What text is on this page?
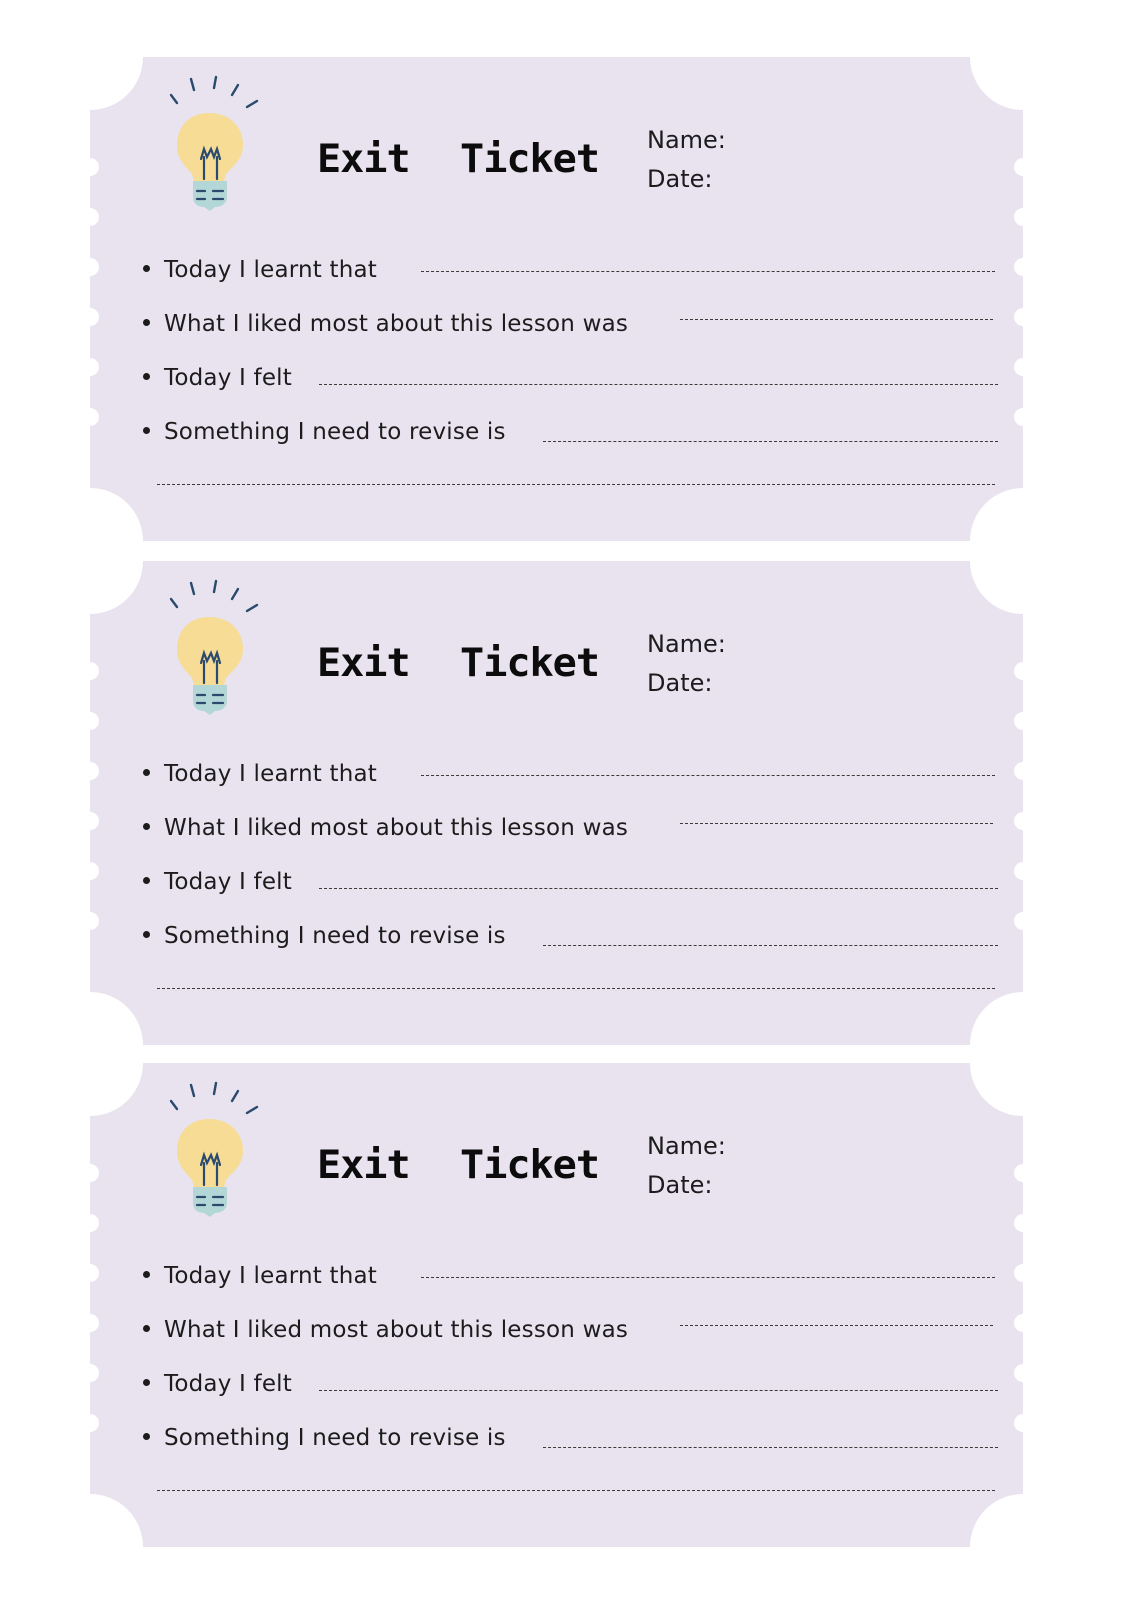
Exit  Ticket Name:
Date:
Today I learnt that
What I liked most about this lesson was
Today I felt
Something I need to revise is
Exit  Ticket Name:
Date:
Today I learnt that
What I liked most about this lesson was
Today I felt
Something I need to revise is
Exit  Ticket Name:
Date:
Today I learnt that
What I liked most about this lesson was
Today I felt
Something I need to revise is
